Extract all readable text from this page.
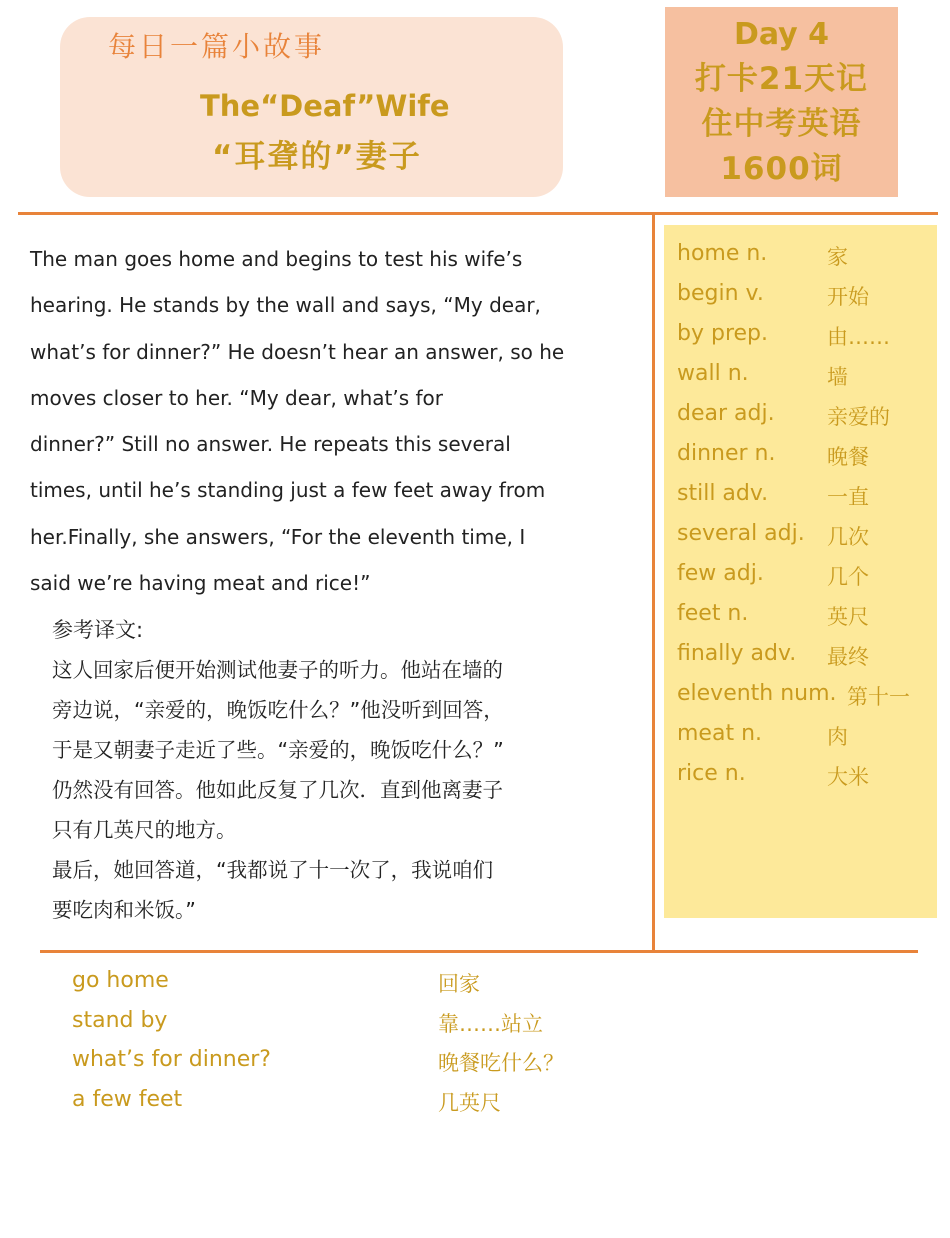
每日一篇小故事
The“Deaf”Wife
“耳聋的”妻子
Day 4
打卡21天记
住中考英语
1600词
The man goes home and begins to test his wife’s
hearing. He stands by the wall and says, “My dear,
what’s for dinner?” He doesn’t hear an answer, so he
moves closer to her. “My dear, what’s for
dinner?” Still no answer. He repeats this several
times, until he’s standing just a few feet away from
her.Finally, she answers, “For the eleventh time, I
said we’re having meat and rice!”
参考译文:
这人回家后便开始测试他妻子的听力。他站在墙的
旁边说，“亲爱的，晚饭吃什么？”他没听到回答，
于是又朝妻子走近了些。“亲爱的，晚饭吃什么？”
仍然没有回答。他如此反复了几次．直到他离妻子
只有几英尺的地方。
最后，她回答道，“我都说了十一次了，我说咱们
要吃肉和米饭。”
home n.	家
begin v.	开始
by prep.	由……
wall n.	墙
dear adj. 亲爱的
dinner n. 晚餐
still adv.	一直
several adj. 几次
few adj.	几个
feet n.	英尺
finally adv. 最终
eleventh num. 第十一
meat n.	肉
rice n.	大米
go home	回家
stand by	靠……站立
what’s for dinner?	晚餐吃什么？
a few feet	几英尺
